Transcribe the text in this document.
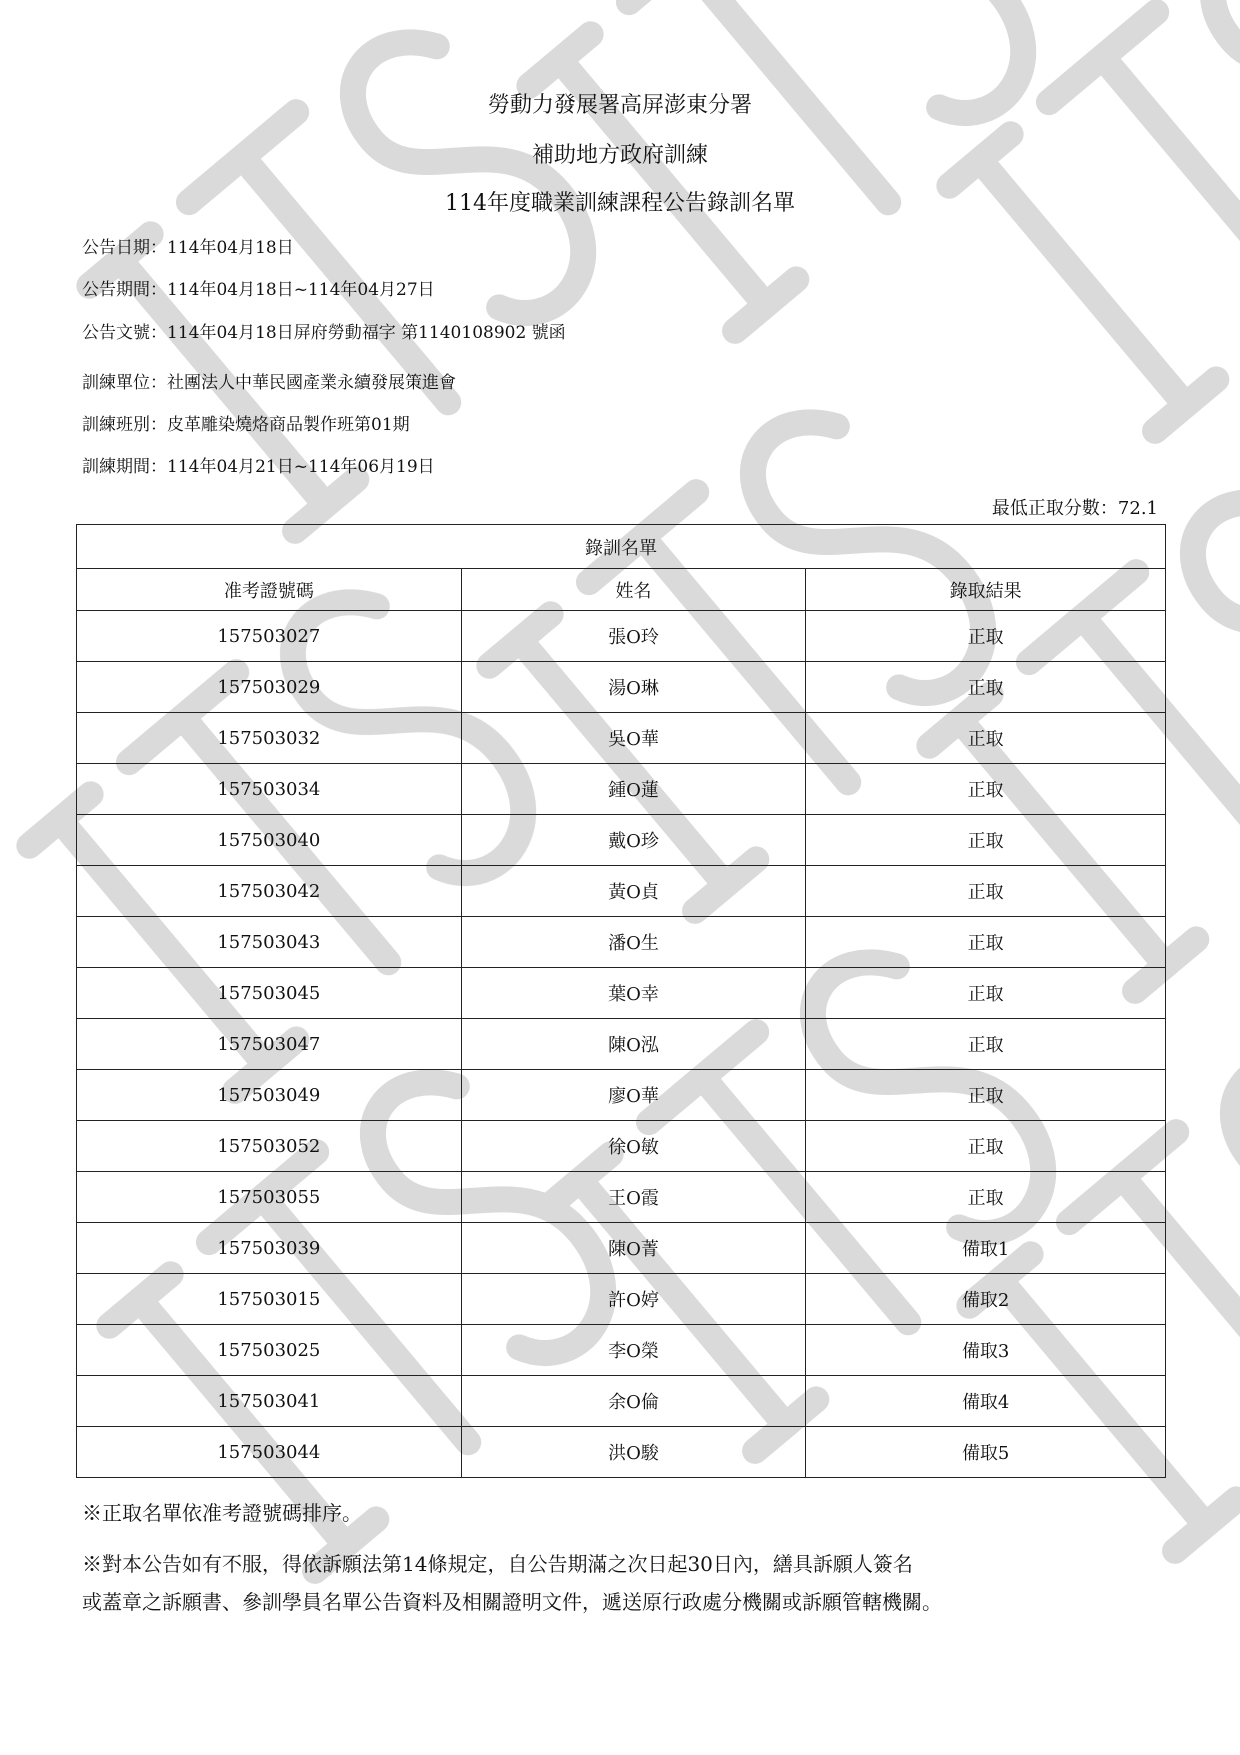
勞動力發展署高屏澎東分署
補助地方政府訓練
114年度職業訓練課程公告錄訓名單
公告日期：114年04月18日
公告期間：114年04月18日~114年04月27日
公告文號：114年04月18日屏府勞動福字 第1140108902 號函
訓練單位：社團法人中華民國產業永續發展策進會
訓練班別：皮革雕染燒烙商品製作班第01期
訓練期間：114年04月21日~114年06月19日
最低正取分數：72.1
錄訓名單		
准考證號碼	姓名	錄取結果
157503027	張O玲	正取
157503029	湯O琳	正取
157503032	吳O華	正取
157503034	鍾O蓮	正取
157503040	戴O珍	正取
157503042	黃O貞	正取
157503043	潘O生	正取
157503045	葉O幸	正取
157503047	陳O泓	正取
157503049	廖O華	正取
157503052	徐O敏	正取
157503055	王O霞	正取
157503039	陳O菁	備取1
157503015	許O婷	備取2
157503025	李O榮	備取3
157503041	余O倫	備取4
157503044	洪O駿	備取5
※正取名單依准考證號碼排序。
※對本公告如有不服，得依訴願法第14條規定，自公告期滿之次日起30日內，繕具訴願人簽名
或蓋章之訴願書、參訓學員名單公告資料及相關證明文件，遞送原行政處分機關或訴願管轄機關。
